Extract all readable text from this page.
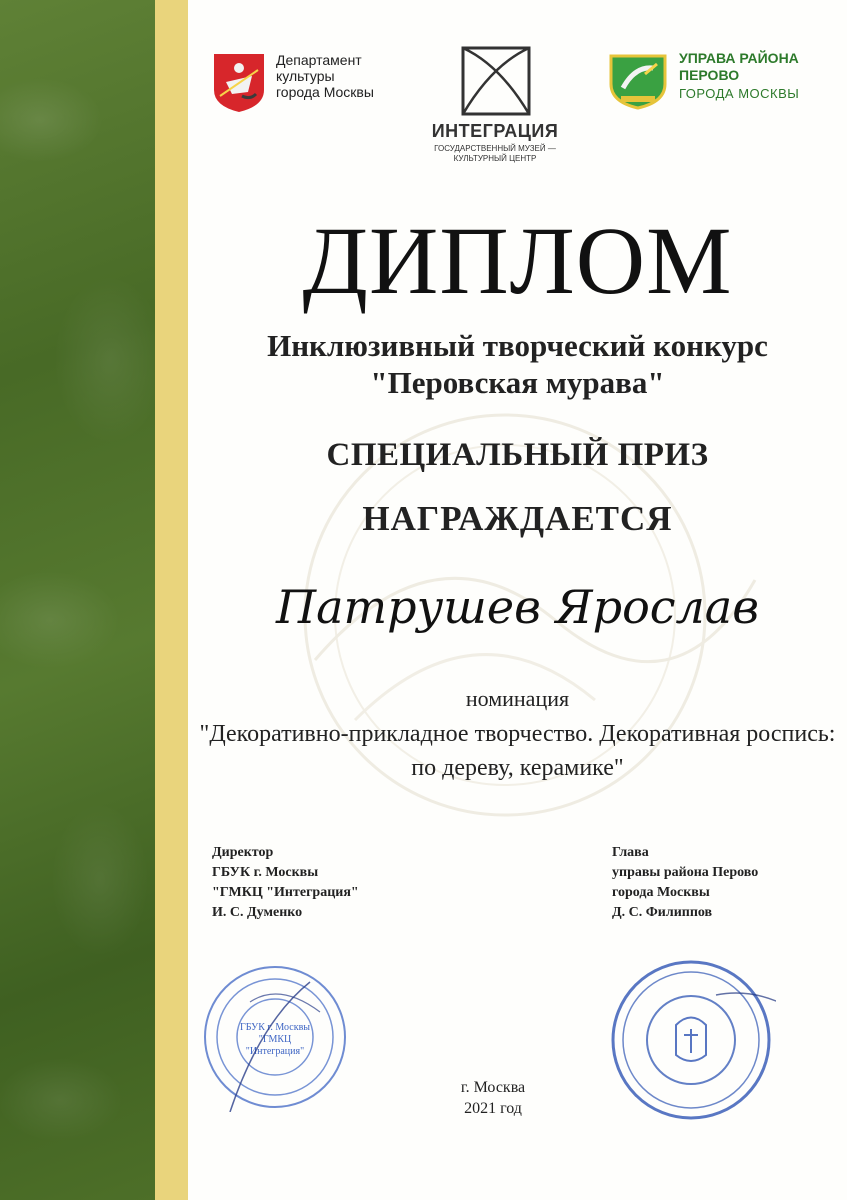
Департамент
культуры
города Москвы
ИНТЕГРАЦИЯ
ГОСУДАРСТВЕННЫЙ МУЗЕЙ —
КУЛЬТУРНЫЙ ЦЕНТР
УПРАВА РАЙОНА
ПЕРОВО
ГОРОДА МОСКВЫ
ДИПЛОМ
Инклюзивный творческий конкурс "Перовская мурава"
СПЕЦИАЛЬНЫЙ ПРИЗ
НАГРАЖДАЕТСЯ
Патрушев Ярослав
номинация
"Декоративно-прикладное творчество. Декоративная роспись: по дереву, керамике"
Директор
ГБУК г. Москвы
"ГМКЦ "Интеграция"
И. С. Думенко
Глава
управы района Перово
города Москвы
Д. С. Филиппов
ГБУК г. Москвы
"ГМКЦ
"Интеграция"
г. Москва
2021 год
